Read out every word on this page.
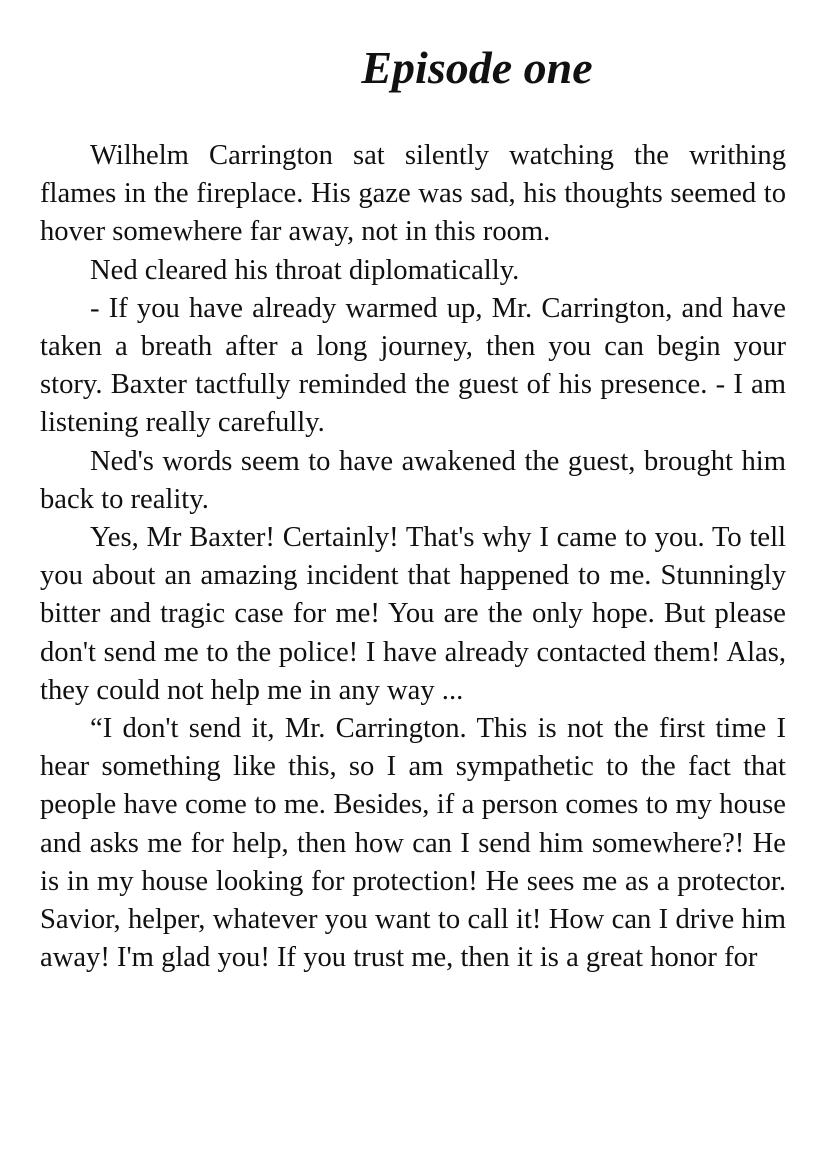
Episode one

Wilhelm Carrington sat silently watching the writhing flames in the fireplace. His gaze was sad, his thoughts seemed to hover somewhere far away, not in this room.

Ned cleared his throat diplomatically.

- If you have already warmed up, Mr. Carrington, and have taken a breath after a long journey, then you can begin your story. Baxter tactfully reminded the guest of his presence. - I am listening really carefully.

Ned's words seem to have awakened the guest, brought him back to reality.

Yes, Mr Baxter! Certainly! That's why I came to you. To tell you about an amazing incident that happened to me. Stunningly bitter and tragic case for me! You are the only hope. But please don't send me to the police! I have already contacted them! Alas, they could not help me in any way ...

“I don't send it, Mr. Carrington. This is not the first time I hear something like this, so I am sympathetic to the fact that people have come to me. Besides, if a person comes to my house and asks me for help, then how can I send him somewhere?! He is in my house looking for protection! He sees me as a protector. Savior, helper, whatever you want to call it! How can I drive him away! I'm glad you! If you trust me, then it is a great honor for
